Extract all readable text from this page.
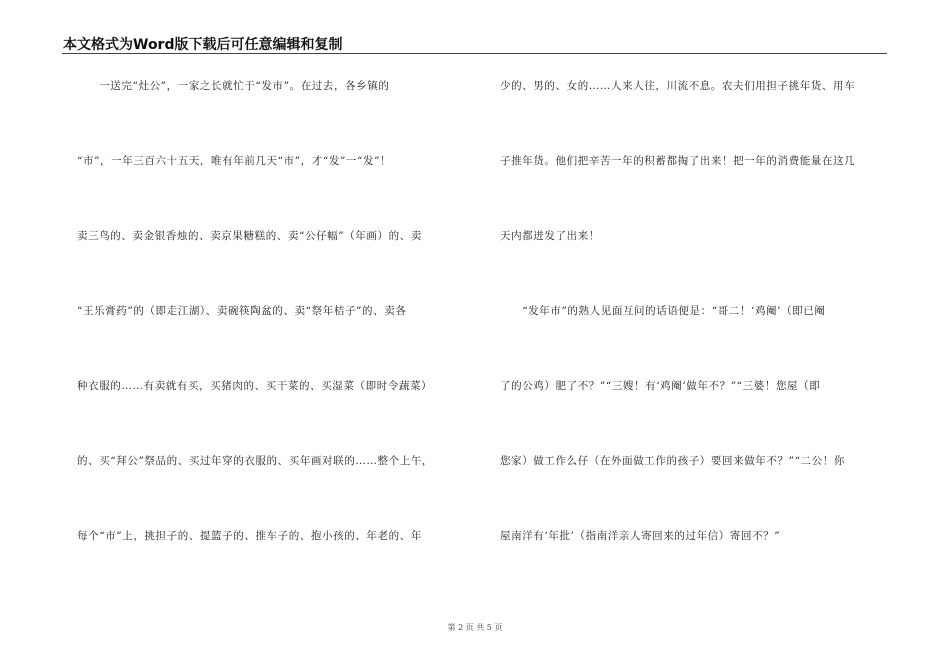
本文格式为Word版下载后可任意编辑和复制
　　一送完“灶公”，一家之长就忙于“发市”。在过去，各乡镇的
“市”，一年三百六十五天，唯有年前几天“市”，才“发”一“发”！
卖三鸟的、卖金银香烛的、卖京果糖糕的、卖“公仔幅”（年画）的、卖
“王乐膏药”的（即走江湖）、卖碗筷陶盆的、卖“祭年桔子”的、卖各
种衣服的……有卖就有买，买猪肉的、买干菜的、买湿菜（即时令蔬菜）
的、买“拜公”祭品的、买过年穿的衣服的、买年画对联的……整个上午，
每个“市”上，挑担子的、提篮子的、推车子的、抱小孩的、年老的、年
少的、男的、女的……人来人往，川流不息。农夫们用担子挑年货、用车
子推年货。他们把辛苦一年的积蓄都掏了出来！把一年的消费能量在这几
天内都迸发了出来！
　　“发年市”的熟人见面互问的话语便是：“哥二！‘鸡阉’（即已阉
了的公鸡）肥了不？”“三嫂！有‘鸡阉’做年不？”“三婆！您屋（即
您家）做工作么仔（在外面做工作的孩子）要回来做年不？”“二公！你
屋南洋有‘年批’（指南洋亲人寄回来的过年信）寄回不？”
第 2 页 共 5 页
